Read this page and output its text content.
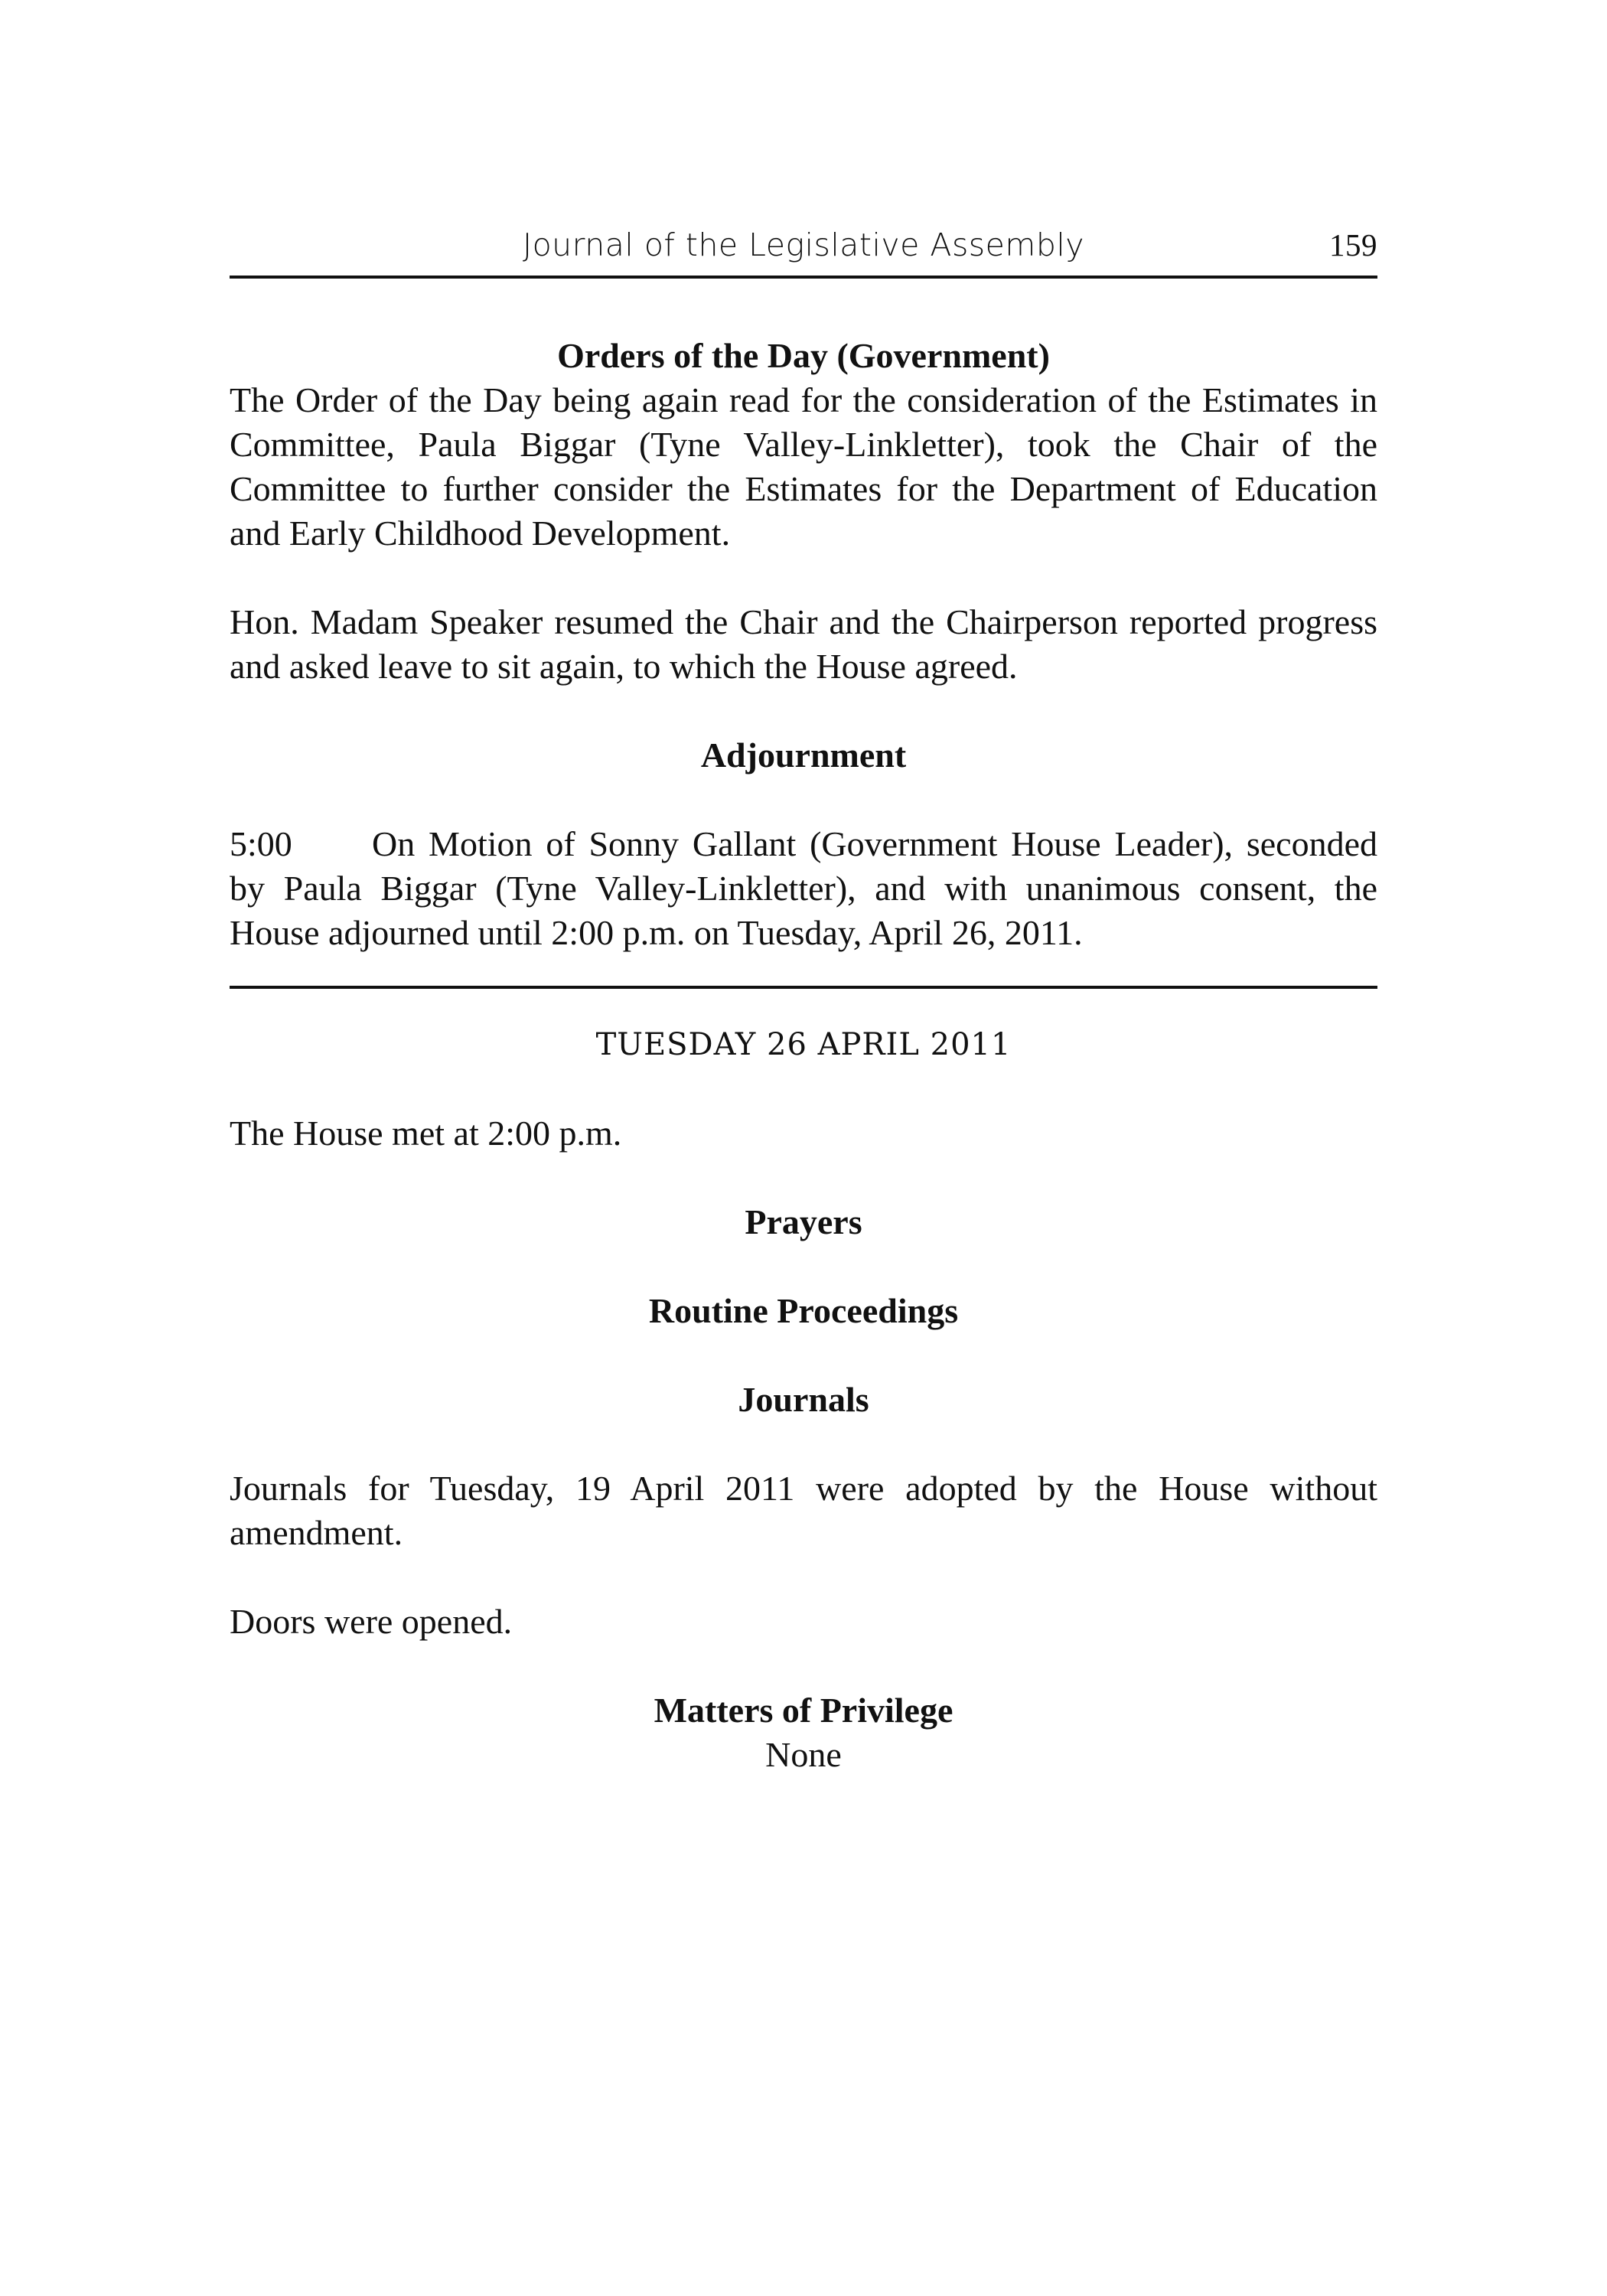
Journal of the Legislative Assembly	159

Orders of the Day (Government)

The Order of the Day being again read for the consideration of the Estimates in Committee, Paula Biggar (Tyne Valley-Linkletter), took the Chair of the Committee to further consider the Estimates for the Department of Education and Early Childhood Development.

Hon. Madam Speaker resumed the Chair and the Chairperson reported progress and asked leave to sit again, to which the House agreed.

Adjournment

5:00 On Motion of Sonny Gallant (Government House Leader), seconded by Paula Biggar (Tyne Valley-Linkletter), and with unanimous consent, the House adjourned until 2:00 p.m. on Tuesday, April 26, 2011.

TUESDAY 26 APRIL 2011

The House met at 2:00 p.m.

Prayers

Routine Proceedings

Journals

Journals for Tuesday, 19 April 2011 were adopted by the House without amendment.

Doors were opened.

Matters of Privilege

None
